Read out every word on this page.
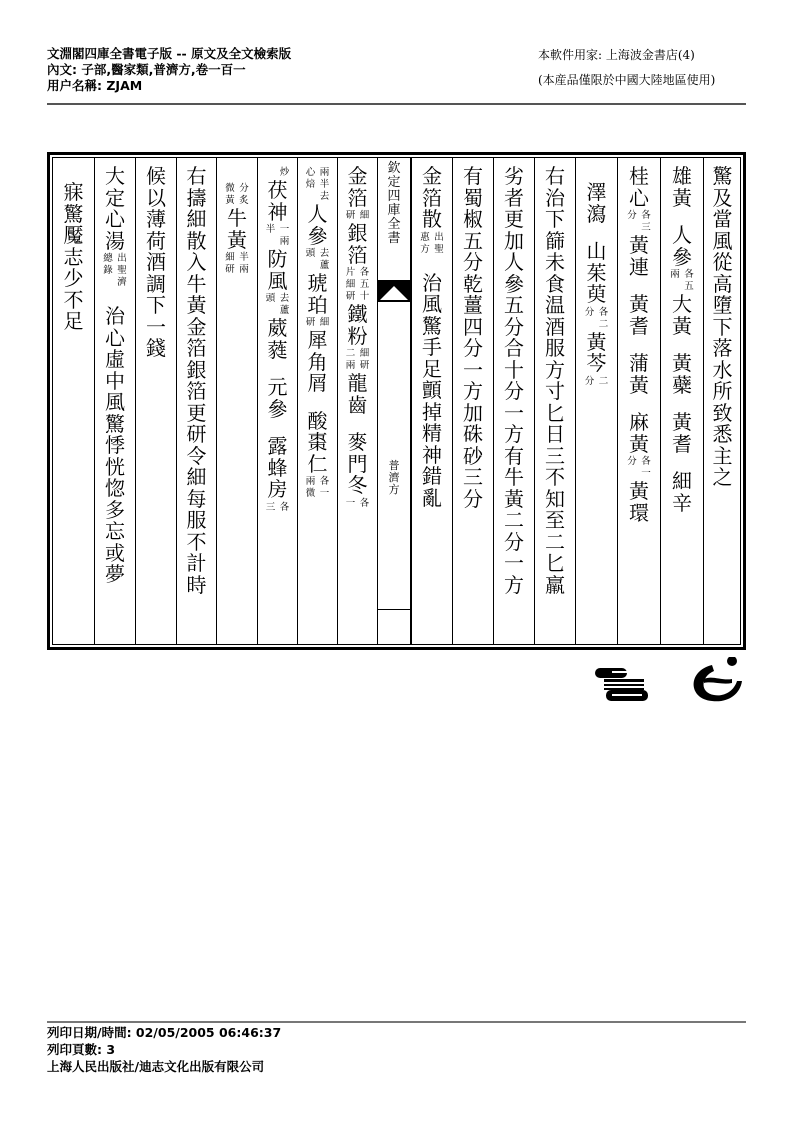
文淵閣四庫全書電子版 -- 原文及全文檢索版
內文: 子部,醫家類,普濟方,卷一百一
用户名稱: ZJAM
本軟件用家: 上海波金書店(4)
(本産品僅限於中國大陸地區使用)
驚
及
當
風
從
高
墮
下
落
水
所
致
悉
主
之
雄
黃
人
參
各
五
兩
大
黃
黃
蘗
黃
耆
細
辛
桂
心
各
三
分
黃
連
黃
耆
蒲
黃
麻
黃
各
一
分
黃
環
澤
瀉
山
茱
萸
各
二
分
黃
芩
二
分
右
治
下
篩
未
食
温
酒
服
方
寸
匕
日
三
不
知
至
二
匕
羸
劣
者
更
加
人
參
五
分
合
十
分
一
方
有
牛
黃
二
分
一
方
有
蜀
椒
五
分
乾
薑
四
分
一
方
加
硃
砂
三
分
金
箔
散
出
聖
惠
方
治
風
驚
手
足
顫
掉
精
神
錯
亂
金
箔
細
研
銀
箔
各
五
十
片
細
研
鐵
粉
細
研
二
兩
龍
齒
麥
門
冬
各
一
兩
半
去
心
焙
人
參
去
蘆
頭
琥
珀
細
研
犀
角
屑
酸
棗
仁
各
一
兩
微
炒
茯
神
一
兩
半
防
風
去
蘆
頭
葳
蕤
元
參
露
蜂
房
各
三
分
炙
微
黃
牛
黃
半
兩
細
研
右
擣
細
散
入
牛
黃
金
箔
銀
箔
更
研
令
細
每
服
不
計
時
候
以
薄
荷
酒
調
下
一
錢
大
定
心
湯
出
聖
濟
總
錄
治
心
虛
中
風
驚
悸
恍
惚
多
忘
或
夢
寐
驚
魘
志
少
不
足
欽
定
四
庫
全
書
普
濟
方
列印日期/時間: 02/05/2005 06:46:37
列印頁數: 3
上海人民出版社/迪志文化出版有限公司
